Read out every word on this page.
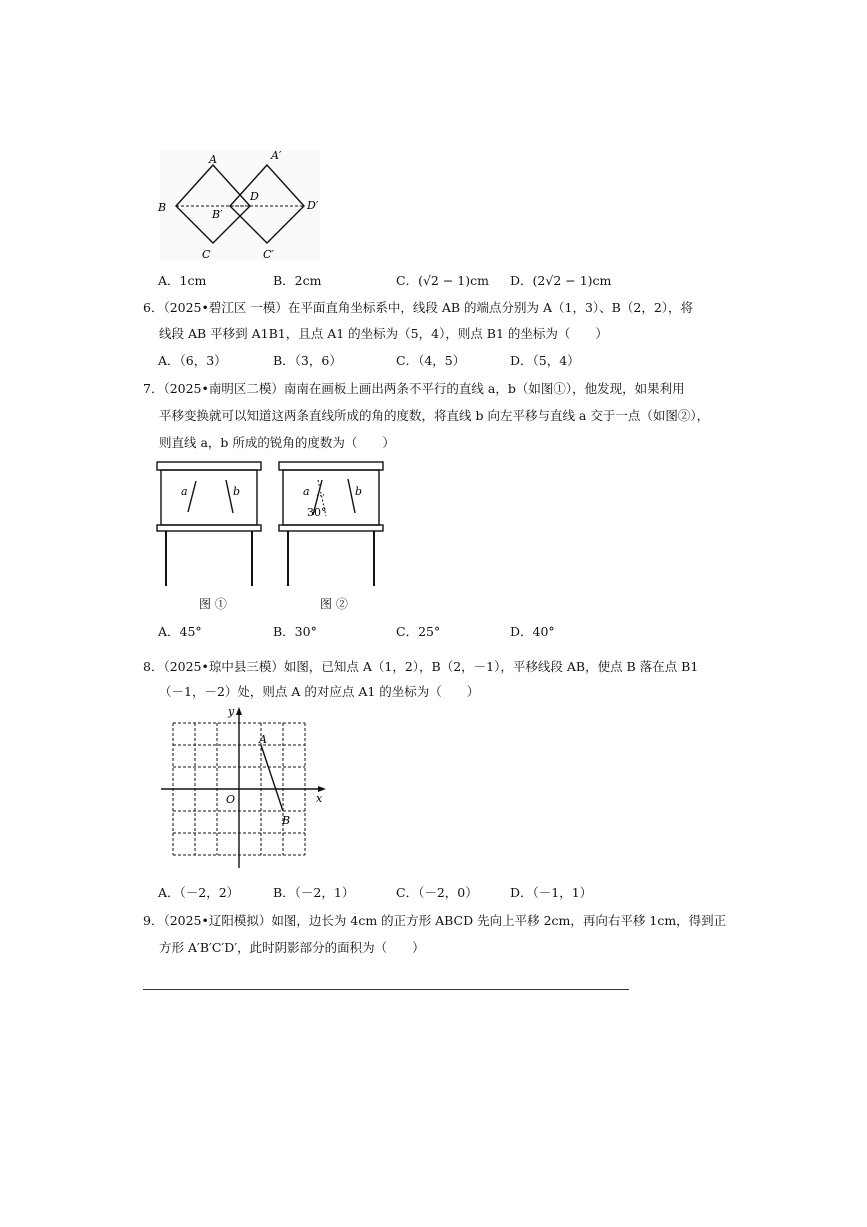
A	A′
B
B′
D
D′
C	C′
A．1cm	B．2cm	C．(√2 − 1)cm D．(2√2 − 1)cm
6．（2025•碧江区 一模）在平面直角坐标系中，线段 AB 的端点分别为 A（1，3）、B（2，2），将
线段 AB 平移到 A1B1，且点 A1 的坐标为（5，4），则点 B1 的坐标为（　　）
A．（6，3）	B．（3，6）	C．（4，5）	D．（5，4）
7．（2025•南明区二模）南南在画板上画出两条不平行的直线 a，b（如图①），他发现，如果利用
平移变换就可以知道这两条直线所成的角的度数，将直线 b 向左平移与直线 a 交于一点（如图②），
则直线 a，b 所成的锐角的度数为（　　）
a	b
图 ①
a	b
30°
图 ②
A．45°	B．30°	C．25°	D．40°
8．（2025•琼中县三模）如图，已知点 A（1，2），B（2，－1），平移线段 AB，使点 B 落在点 B1
（－1，－2）处，则点 A 的对应点 A1 的坐标为（　　）
x
y
O
A
B
A．（－2，2）	B．（－2，1）	C．（－2，0）	D．（－1，1）
9．（2025•辽阳模拟）如图，边长为 4cm 的正方形 ABCD 先向上平移 2cm，再向右平移 1cm，得到正
方形 A′B′C′D′，此时阴影部分的面积为（　　）
